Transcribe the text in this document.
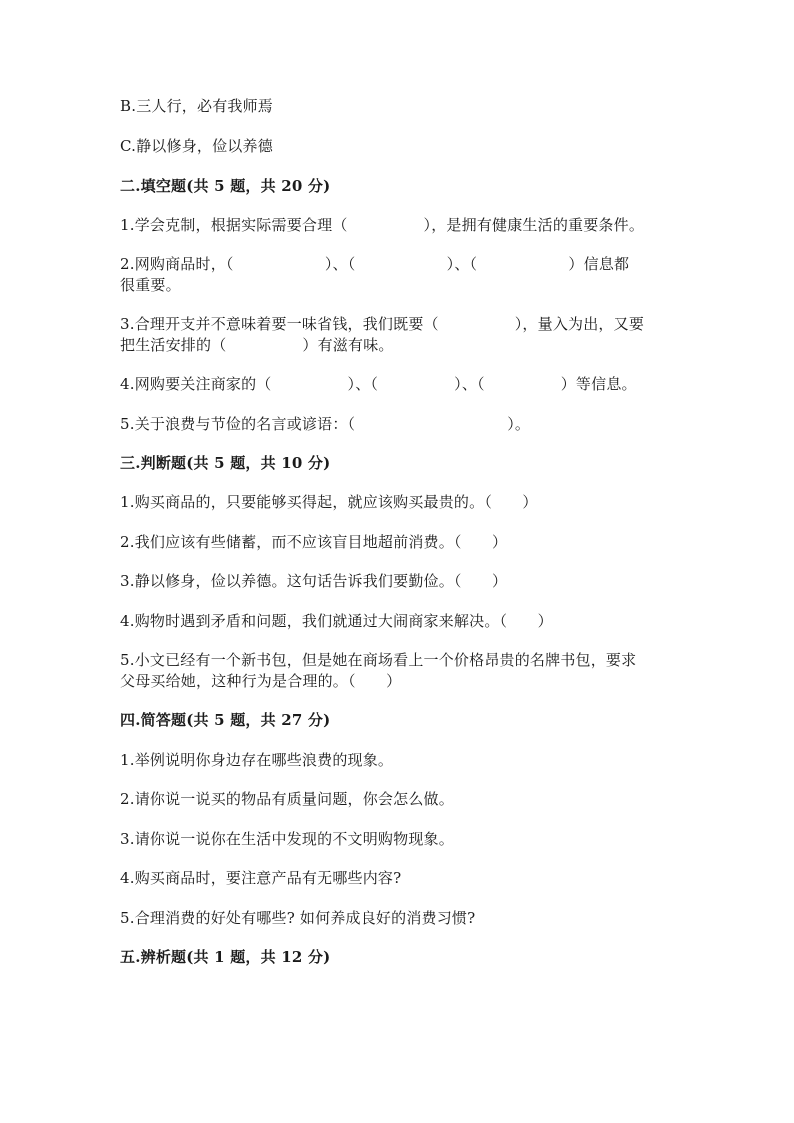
B.三人行，必有我师焉
C.静以修身，俭以养德
二.填空题(共 5 题，共 20 分)
1.学会克制，根据实际需要合理（　　　　　），是拥有健康生活的重要条件。
2.网购商品时，（　　　　　　）、（　　　　　　）、（　　　　　　）信息都
很重要。
3.合理开支并不意味着要一味省钱，我们既要（　　　　　），量入为出，又要
把生活安排的（　　　　　）有滋有味。
4.网购要关注商家的（　　　　　）、（　　　　　）、（　　　　　）等信息。
5.关于浪费与节俭的名言或谚语：（　　　　　　　　　　）。
三.判断题(共 5 题，共 10 分)
1.购买商品的，只要能够买得起，就应该购买最贵的。（　　）
2.我们应该有些储蓄，而不应该盲目地超前消费。（　　）
3.静以修身，俭以养德。这句话告诉我们要勤俭。（　　）
4.购物时遇到矛盾和问题，我们就通过大闹商家来解决。（　　）
5.小文已经有一个新书包，但是她在商场看上一个价格昂贵的名牌书包，要求
父母买给她，这种行为是合理的。（　　）
四.简答题(共 5 题，共 27 分)
1.举例说明你身边存在哪些浪费的现象。
2.请你说一说买的物品有质量问题，你会怎么做。
3.请你说一说你在生活中发现的不文明购物现象。
4.购买商品时，要注意产品有无哪些内容?
5.合理消费的好处有哪些? 如何养成良好的消费习惯?
五.辨析题(共 1 题，共 12 分)
